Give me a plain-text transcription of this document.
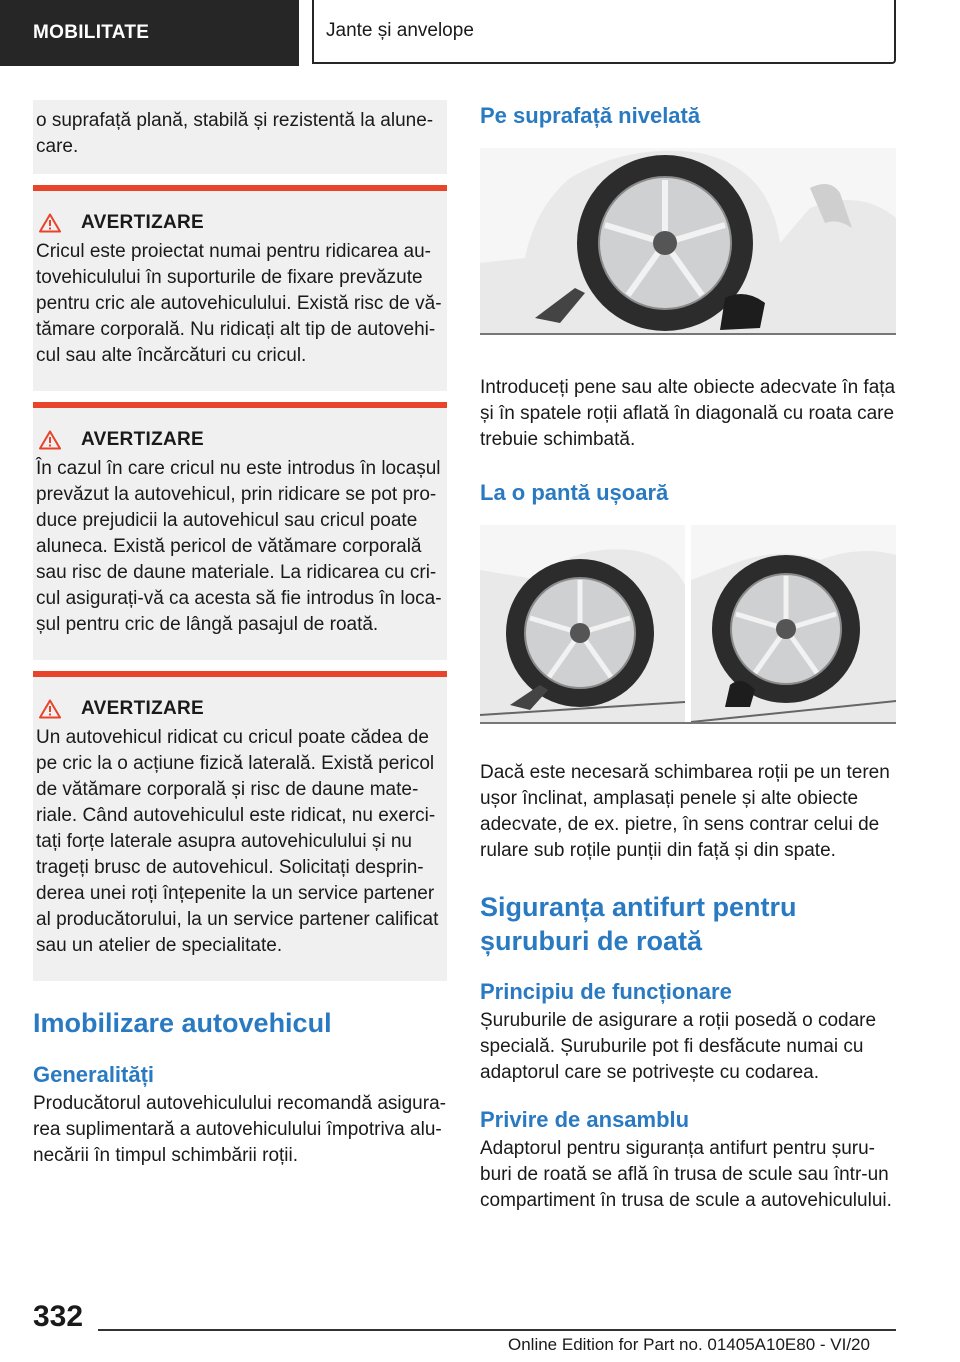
MOBILITATE	Jante și anvelope

o suprafață plană, stabilă și rezistentă la alune-care.

AVERTIZARE

Cricul este proiectat numai pentru ridicarea au-tovehiculului în suporturile de fixare prevăzute pentru cric ale autovehiculului. Există risc de vă-tămare corporală. Nu ridicați alt tip de autovehi-cul sau alte încărcături cu cricul.

AVERTIZARE

În cazul în care cricul nu este introdus în locașul prevăzut la autovehicul, prin ridicare se pot pro-duce prejudicii la autovehicul sau cricul poate aluneca. Există pericol de vătămare corporală sau risc de daune materiale. La ridicarea cu cri-cul asigurați-vă ca acesta să fie introdus în loca-șul pentru cric de lângă pasajul de roată.

AVERTIZARE

Un autovehicul ridicat cu cricul poate cădea de pe cric la o acțiune fizică laterală. Există pericol de vătămare corporală și risc de daune mate-riale. Când autovehiculul este ridicat, nu exerci-tați forțe laterale asupra autovehiculului și nu trageți brusc de autovehicul. Solicitați desprin-derea unei roți înțepenite la un service partener al producătorului, la un service partener calificat sau un atelier de specialitate.

Imobilizare autovehicul
Generalități

Producătorul autovehiculului recomandă asigura-rea suplimentară a autovehiculului împotriva alu-necării în timpul schimbării roții.

Pe suprafață nivelată

Introduceți pene sau alte obiecte adecvate în fața și în spatele roții aflată în diagonală cu roata care trebuie schimbată.

La o pantă ușoară

Dacă este necesară schimbarea roții pe un teren ușor înclinat, amplasați penele și alte obiecte adecvate, de ex. pietre, în sens contrar celui de rulare sub roțile punții din față și din spate.

Siguranța antifurt pentru șuruburi de roată
Principiu de funcționare

Șuruburile de asigurare a roții posedă o codare specială. Șuruburile pot fi desfăcute numai cu adaptorul care se potrivește cu codarea.

Privire de ansamblu

Adaptorul pentru siguranța antifurt pentru șuru-buri de roată se află în trusa de scule sau într-un compartiment în trusa de scule a autovehiculului.

332
Online Edition for Part no. 01405A10E80 - VI/20
